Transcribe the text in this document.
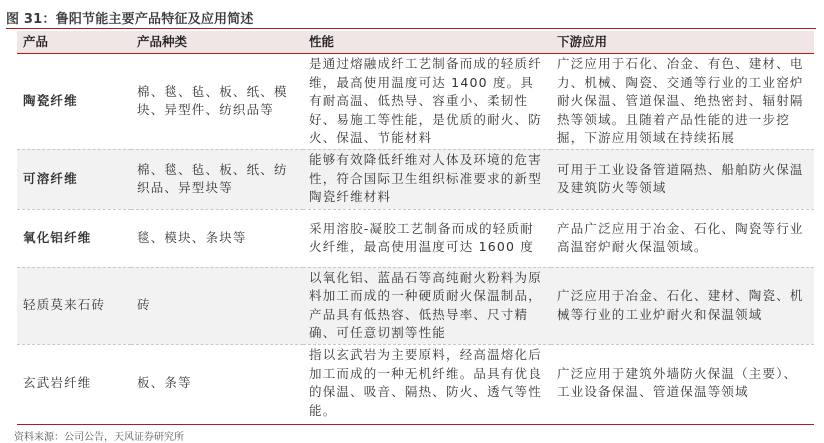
图 31：鲁阳节能主要产品特征及应用简述
产品	产品种类	性能	下游应用
陶瓷纤维	棉、毯、毡、板、纸、模块、异型件、纺织品等	是通过熔融成纤工艺制备而成的轻质纤维，最高使用温度可达 1400 度。具有耐高温、低热导、容重小、柔韧性好、易施工等性能，是优质的耐火、防火、保温、节能材料	广泛应用于石化、冶金、有色、建材、电力、机械、陶瓷、交通等行业的工业窑炉耐火保温、管道保温、绝热密封、辐射隔热等领域。且随着产品性能的进一步挖掘，下游应用领域在持续拓展
可溶纤维	棉、毯、毡、板、纸、纺织品、异型块等	能够有效降低纤维对人体及环境的危害性，符合国际卫生组织标准要求的新型陶瓷纤维材料	可用于工业设备管道隔热、船舶防火保温及建筑防火等领域
氧化铝纤维	毯、模块、条块等	采用溶胶-凝胶工艺制备而成的轻质耐火纤维，最高使用温度可达 1600 度	产品广泛应用于冶金、石化、陶瓷等行业高温窑炉耐火保温领域。
轻质莫来石砖	砖	以氧化铝、蓝晶石等高纯耐火粉料为原料加工而成的一种硬质耐火保温制品，产品具有低热容、低热导率、尺寸精确、可任意切割等性能	广泛应用于冶金、石化、建材、陶瓷、机械等行业的工业炉耐火和保温领域
玄武岩纤维	板、条等	指以玄武岩为主要原料，经高温熔化后加工而成的一种无机纤维。品具有优良的保温、吸音、隔热、防火、透气等性能。	广泛应用于建筑外墙防火保温（主要）、工业设备保温、管道保温等领域
资料来源：公司公告，天风证券研究所
